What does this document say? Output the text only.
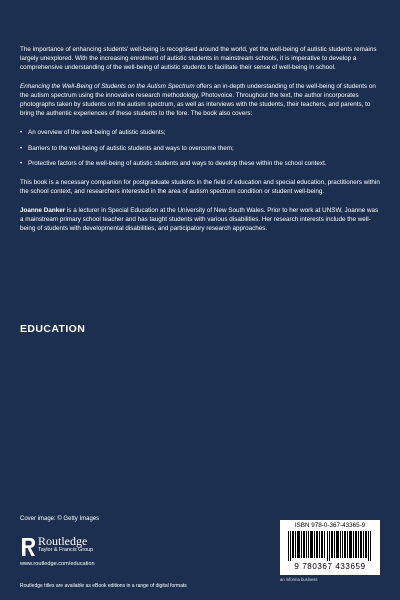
The importance of enhancing students' well-being is recognised around the world, yet the well-being of autistic students remains largely unexplored. With the increasing enrolment of autistic students in mainstream schools, it is imperative to develop a comprehensive understanding of the well-being of autistic students to facilitate their sense of well-being in school.

Enhancing the Well-Being of Students on the Autism Spectrum offers an in-depth understanding of the well-being of students on the autism spectrum using the innovative research methodology, Photovoice. Throughout the text, the author incorporates photographs taken by students on the autism spectrum, as well as interviews with the students, their teachers, and parents, to bring the authentic experiences of these students to the fore. The book also covers:

• An overview of the well-being of autistic students;
• Barriers to the well-being of autistic students and ways to overcome them;
• Protective factors of the well-being of autistic students and ways to develop these within the school context.

This book is a necessary companion for postgraduate students in the field of education and special education, practitioners within the school context, and researchers interested in the area of autism spectrum condition or student well-being.

Joanne Danker is a lecturer in Special Education at the University of New South Wales. Prior to her work at UNSW, Joanne was a mainstream primary school teacher and has taught students with various disabilities. Her research interests include the well-being of students with developmental disabilities, and participatory research approaches.

EDUCATION
Cover image: © Getty Images
Routledge
Taylor & Francis Group
www.routledge.com/education
Routledge titles are available as eBook editions in a range of digital formats
ISBN 978-0-367-43365-9
9 780367 433659
an informa business
